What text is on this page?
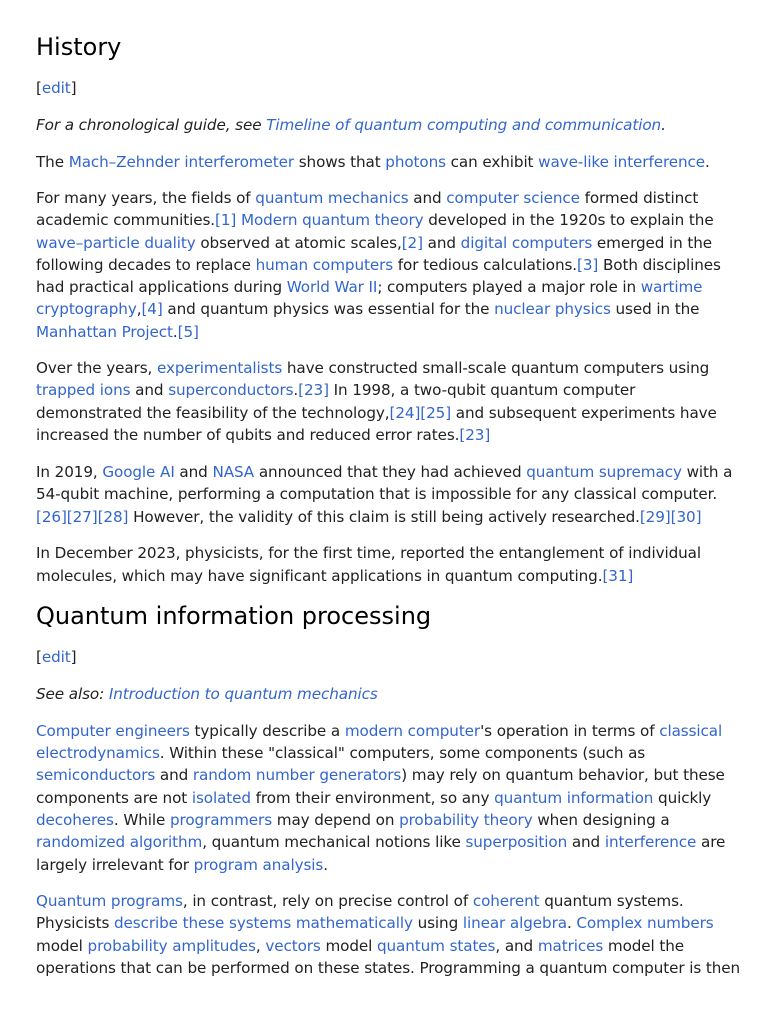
History
[edit]
For a chronological guide, see Timeline of quantum computing and communication.
The Mach–Zehnder interferometer shows that photons can exhibit wave-like interference.
For many years, the fields of quantum mechanics and computer science formed distinct
academic communities.[1] Modern quantum theory developed in the 1920s to explain the
wave–particle duality observed at atomic scales,[2] and digital computers emerged in the
following decades to replace human computers for tedious calculations.[3] Both disciplines
had practical applications during World War II; computers played a major role in wartime
cryptography,[4] and quantum physics was essential for the nuclear physics used in the
Manhattan Project.[5]
Over the years, experimentalists have constructed small-scale quantum computers using
trapped ions and superconductors.[23] In 1998, a two-qubit quantum computer
demonstrated the feasibility of the technology,[24][25] and subsequent experiments have
increased the number of qubits and reduced error rates.[23]
In 2019, Google AI and NASA announced that they had achieved quantum supremacy with a
54-qubit machine, performing a computation that is impossible for any classical computer.
[26][27][28] However, the validity of this claim is still being actively researched.[29][30]
In December 2023, physicists, for the first time, reported the entanglement of individual
molecules, which may have significant applications in quantum computing.[31]
Quantum information processing
[edit]
See also: Introduction to quantum mechanics
Computer engineers typically describe a modern computer's operation in terms of classical
electrodynamics. Within these "classical" computers, some components (such as
semiconductors and random number generators) may rely on quantum behavior, but these
components are not isolated from their environment, so any quantum information quickly
decoheres. While programmers may depend on probability theory when designing a
randomized algorithm, quantum mechanical notions like superposition and interference are
largely irrelevant for program analysis.
Quantum programs, in contrast, rely on precise control of coherent quantum systems.
Physicists describe these systems mathematically using linear algebra. Complex numbers
model probability amplitudes, vectors model quantum states, and matrices model the
operations that can be performed on these states. Programming a quantum computer is then
